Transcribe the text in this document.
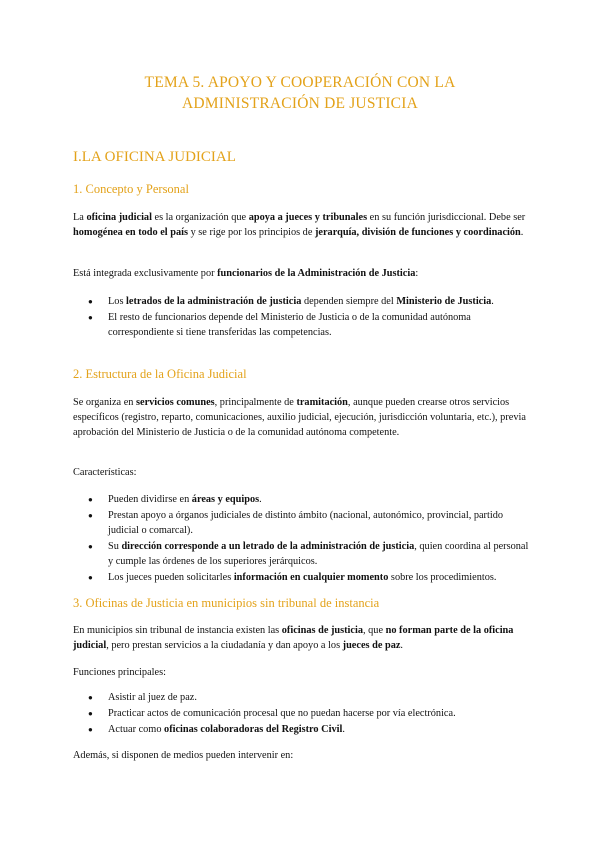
TEMA 5. APOYO Y COOPERACIÓN CON LA
ADMINISTRACIÓN DE JUSTICIA
I.LA OFICINA JUDICIAL
1. Concepto y Personal
La oficina judicial es la organización que apoya a jueces y tribunales en su función jurisdiccional. Debe ser homogénea en todo el país y se rige por los principios de jerarquía, división de funciones y coordinación.
Está integrada exclusivamente por funcionarios de la Administración de Justicia:
● Los letrados de la administración de justicia dependen siempre del Ministerio de Justicia.
● El resto de funcionarios depende del Ministerio de Justicia o de la comunidad autónoma correspondiente si tiene transferidas las competencias.
2. Estructura de la Oficina Judicial
Se organiza en servicios comunes, principalmente de tramitación, aunque pueden crearse otros servicios específicos (registro, reparto, comunicaciones, auxilio judicial, ejecución, jurisdicción voluntaria, etc.), previa aprobación del Ministerio de Justicia o de la comunidad autónoma competente.
Características:
● Pueden dividirse en áreas y equipos.
● Prestan apoyo a órganos judiciales de distinto ámbito (nacional, autonómico, provincial, partido judicial o comarcal).
● Su dirección corresponde a un letrado de la administración de justicia, quien coordina al personal y cumple las órdenes de los superiores jerárquicos.
● Los jueces pueden solicitarles información en cualquier momento sobre los procedimientos.
3. Oficinas de Justicia en municipios sin tribunal de instancia
En municipios sin tribunal de instancia existen las oficinas de justicia, que no forman parte de la oficina judicial, pero prestan servicios a la ciudadanía y dan apoyo a los jueces de paz.
Funciones principales:
● Asistir al juez de paz.
● Practicar actos de comunicación procesal que no puedan hacerse por vía electrónica.
● Actuar como oficinas colaboradoras del Registro Civil.
Además, si disponen de medios pueden intervenir en:
